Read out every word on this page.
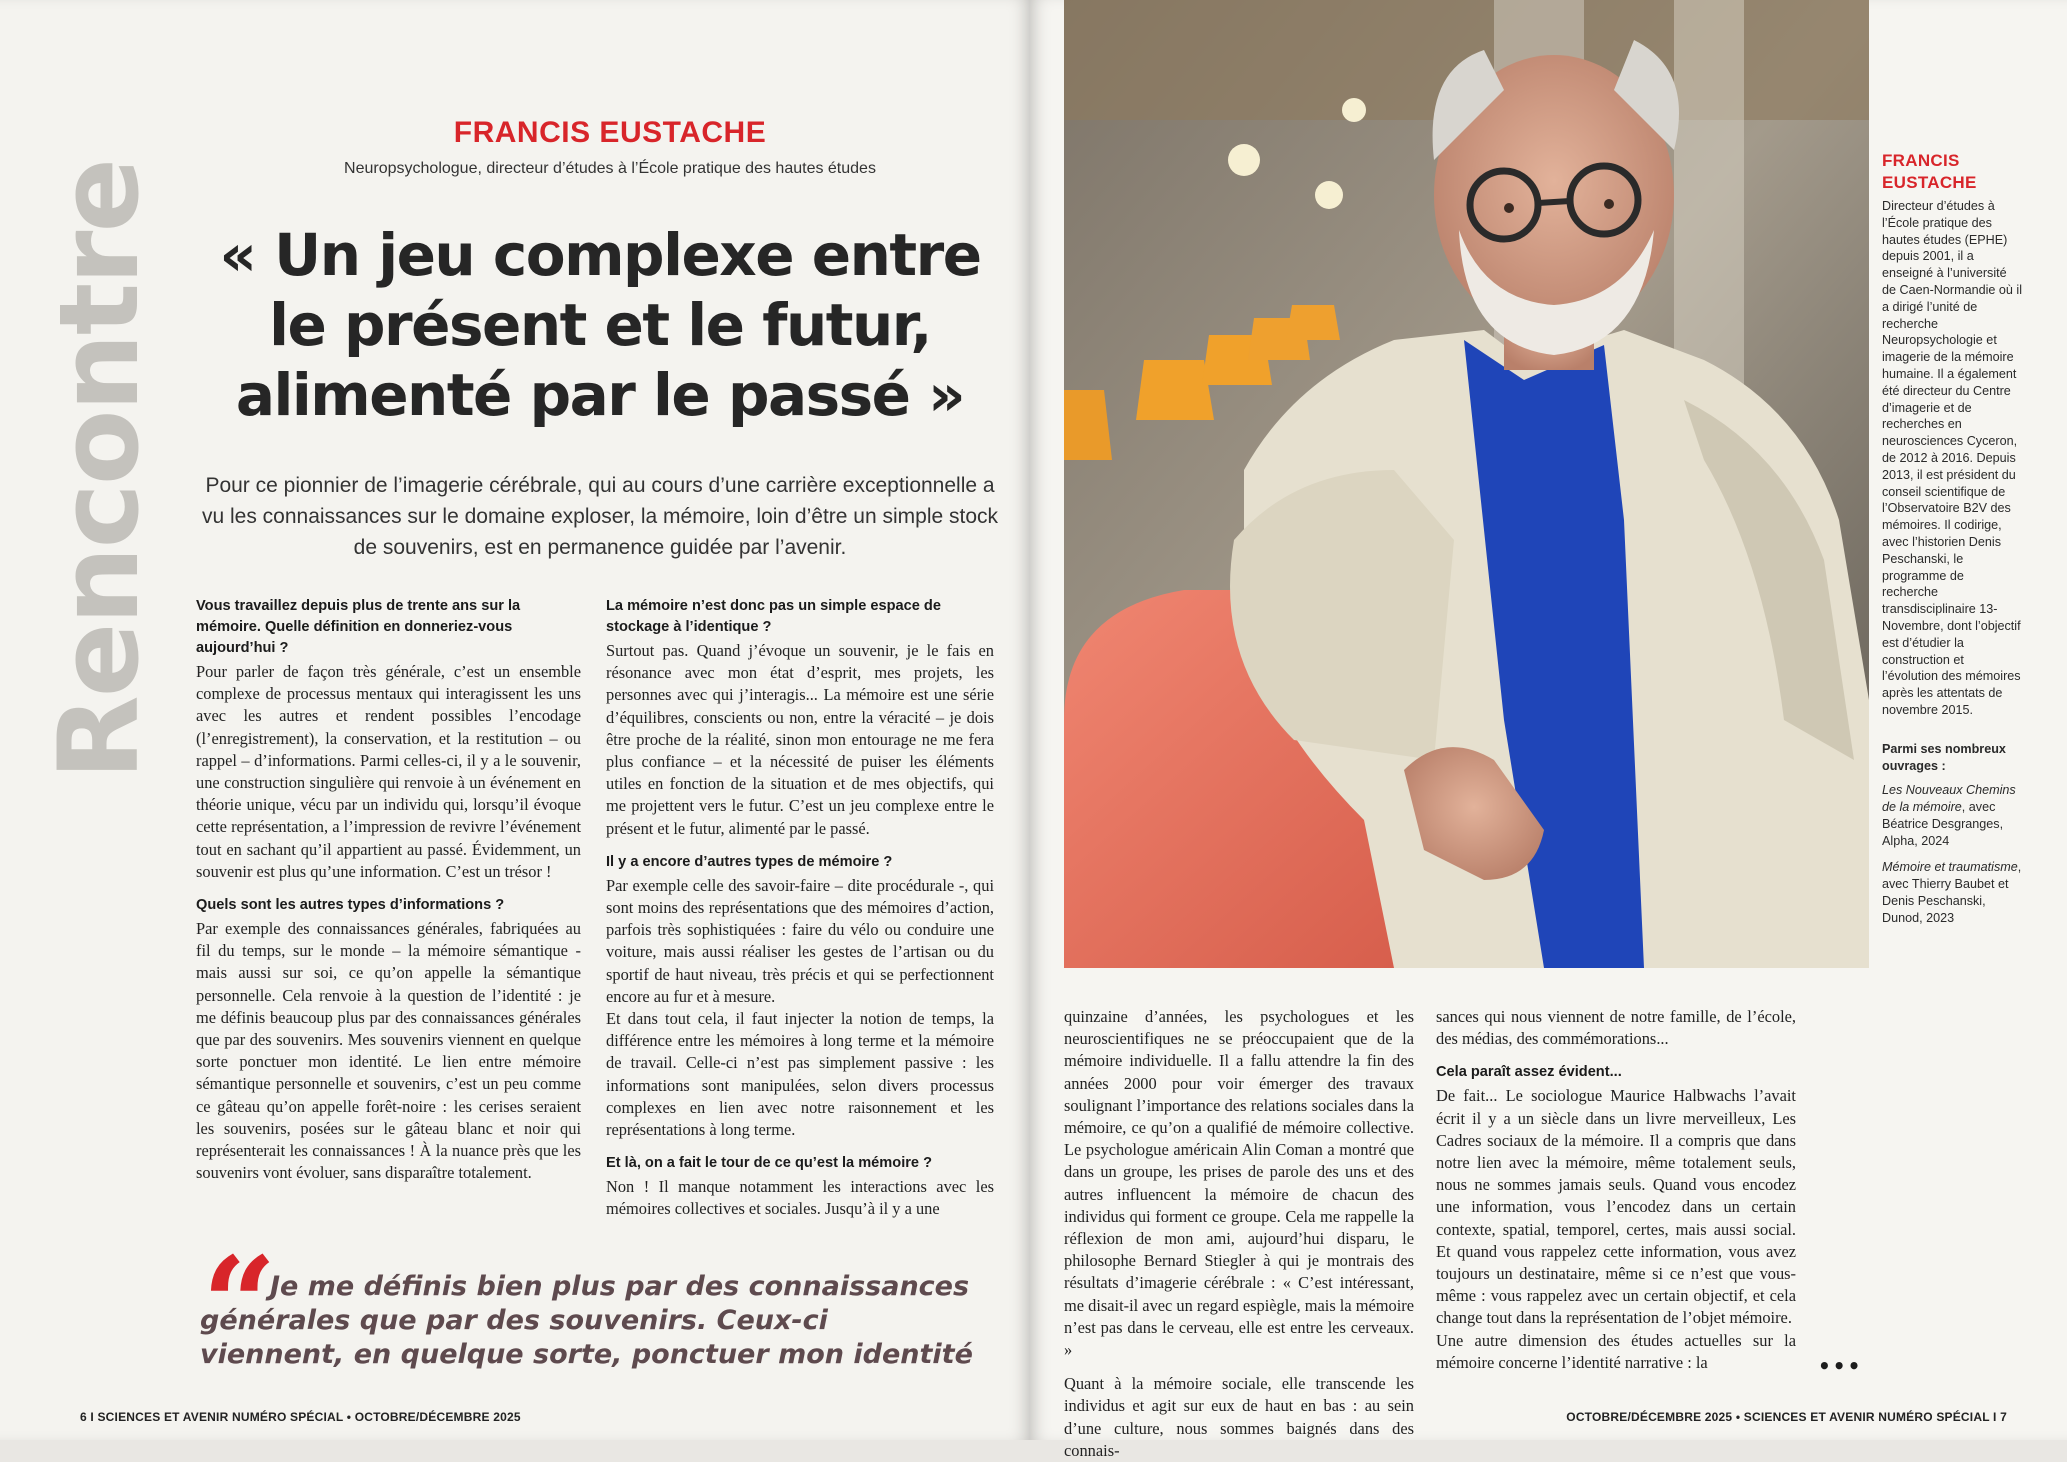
Rencontre
FRANCIS EUSTACHE
Neuropsychologue, directeur d’études à l’École pratique des hautes études
« Un jeu complexe entre le présent et le futur, alimenté par le passé »
Pour ce pionnier de l’imagerie cérébrale, qui au cours d’une carrière exceptionnelle a vu les connaissances sur le domaine exploser, la mémoire, loin d’être un simple stock de souvenirs, est en permanence guidée par l’avenir.
Vous travaillez depuis plus de trente ans sur la mémoire. Quelle définition en donneriez-vous aujourd’hui ?
Pour parler de façon très générale, c’est un ensemble complexe de processus mentaux qui interagissent les uns avec les autres et rendent possibles l’encodage (l’enregistrement), la conservation, et la restitution – ou rappel – d’informations. Parmi celles-ci, il y a le souvenir, une construction singulière qui renvoie à un événement en théorie unique, vécu par un individu qui, lorsqu’il évoque cette représentation, a l’impression de revivre l’événement tout en sachant qu’il appartient au passé. Évidemment, un souvenir est plus qu’une information. C’est un trésor !
Quels sont les autres types d’informations ?
Par exemple des connaissances générales, fabriquées au fil du temps, sur le monde – la mémoire sémantique - mais aussi sur soi, ce qu’on appelle la sémantique personnelle. Cela renvoie à la question de l’identité : je me définis beaucoup plus par des connaissances générales que par des souvenirs. Mes souvenirs viennent en quelque sorte ponctuer mon identité. Le lien entre mémoire sémantique personnelle et souvenirs, c’est un peu comme ce gâteau qu’on appelle forêt-noire : les cerises seraient les souvenirs, posées sur le gâteau blanc et noir qui représenterait les connaissances ! À la nuance près que les souvenirs vont évoluer, sans disparaître totalement.
La mémoire n’est donc pas un simple espace de stockage à l’identique ?
Surtout pas. Quand j’évoque un souvenir, je le fais en résonance avec mon état d’esprit, mes projets, les personnes avec qui j’interagis... La mémoire est une série d’équilibres, conscients ou non, entre la véracité – je dois être proche de la réalité, sinon mon entourage ne me fera plus confiance – et la nécessité de puiser les éléments utiles en fonction de la situation et de mes objectifs, qui me projettent vers le futur. C’est un jeu complexe entre le présent et le futur, alimenté par le passé.
Il y a encore d’autres types de mémoire ?
Par exemple celle des savoir-faire – dite procédurale -, qui sont moins des représentations que des mémoires d’action, parfois très sophistiquées : faire du vélo ou conduire une voiture, mais aussi réaliser les gestes de l’artisan ou du sportif de haut niveau, très précis et qui se perfectionnent encore au fur et à mesure.
Et dans tout cela, il faut injecter la notion de temps, la différence entre les mémoires à long terme et la mémoire de travail. Celle-ci n’est pas simplement passive : les informations sont manipulées, selon divers processus complexes en lien avec notre raisonnement et les représentations à long terme.
Et là, on a fait le tour de ce qu’est la mémoire ?
Non ! Il manque notamment les interactions avec les mémoires collectives et sociales. Jusqu’à il y a une
“
Je me définis bien plus par des connaissances générales que par des souvenirs. Ceux-ci viennent, en quelque sorte, ponctuer mon identité
6 I SCIENCES ET AVENIR NUMÉRO SPÉCIAL • OCTOBRE/DÉCEMBRE 2025
FRANCIS EUSTACHE
Directeur d’études à l’École pratique des hautes études (EPHE) depuis 2001, il a enseigné à l’université de Caen-Normandie où il a dirigé l’unité de recherche Neuropsychologie et imagerie de la mémoire humaine. Il a également été directeur du Centre d’imagerie et de recherches en neurosciences Cyceron, de 2012 à 2016. Depuis 2013, il est président du conseil scientifique de l’Observatoire B2V des mémoires. Il codirige, avec l’historien Denis Peschanski, le programme de recherche transdisciplinaire 13-Novembre, dont l’objectif est d’étudier la construction et l’évolution des mémoires après les attentats de novembre 2015.
Parmi ses nombreux ouvrages :
Les Nouveaux Chemins de la mémoire, avec Béatrice Desgranges, Alpha, 2024
Mémoire et traumatisme, avec Thierry Baubet et Denis Peschanski, Dunod, 2023
quinzaine d’années, les psychologues et les neuroscientifiques ne se préoccupaient que de la mémoire individuelle. Il a fallu attendre la fin des années 2000 pour voir émerger des travaux soulignant l’importance des relations sociales dans la mémoire, ce qu’on a qualifié de mémoire collective. Le psychologue américain Alin Coman a montré que dans un groupe, les prises de parole des uns et des autres influencent la mémoire de chacun des individus qui forment ce groupe. Cela me rappelle la réflexion de mon ami, aujourd’hui disparu, le philosophe Bernard Stiegler à qui je montrais des résultats d’imagerie cérébrale : « C’est intéressant, me disait-il avec un regard espiègle, mais la mémoire n’est pas dans le cerveau, elle est entre les cerveaux. »
Quant à la mémoire sociale, elle transcende les individus et agit sur eux de haut en bas : au sein d’une culture, nous sommes baignés dans des connais-
sances qui nous viennent de notre famille, de l’école, des médias, des commémorations...
Cela paraît assez évident...
De fait... Le sociologue Maurice Halbwachs l’avait écrit il y a un siècle dans un livre merveilleux, Les Cadres sociaux de la mémoire. Il a compris que dans notre lien avec la mémoire, même totalement seuls, nous ne sommes jamais seuls. Quand vous encodez une information, vous l’encodez dans un certain contexte, spatial, temporel, certes, mais aussi social. Et quand vous rappelez cette information, vous avez toujours un destinataire, même si ce n’est que vous-même : vous rappelez avec un certain objectif, et cela change tout dans la représentation de l’objet mémoire.
Une autre dimension des études actuelles sur la mémoire concerne l’identité narrative : la	•••
OCTOBRE/DÉCEMBRE 2025 • SCIENCES ET AVENIR NUMÉRO SPÉCIAL I 7
